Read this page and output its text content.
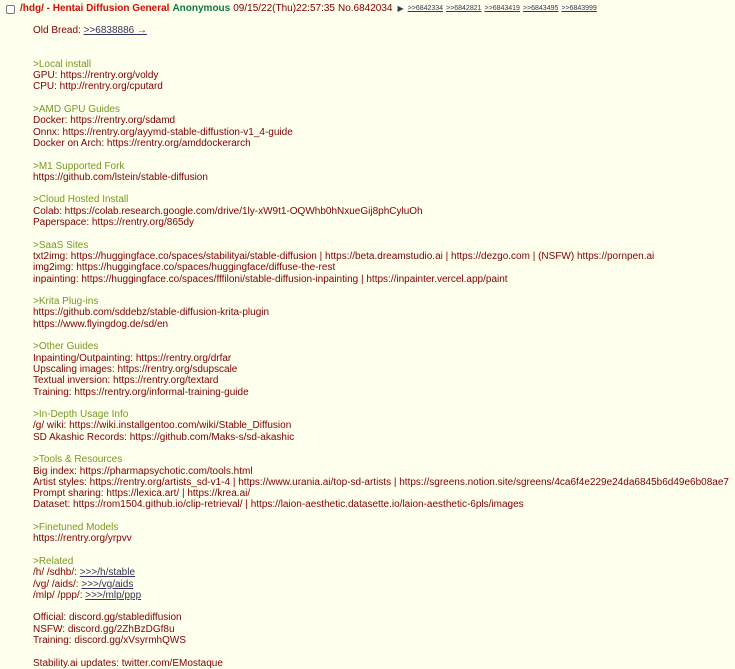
/hdg/ - Hentai Diffusion General Anonymous 09/15/22(Thu)22:57:35 No.6842034 ▶ >>6842334 >>6842821 >>6843419 >>6843495 >>6843999
Old Bread: >>6838886 →
>Local install
GPU: https://rentry.org/voldy
CPU: http://rentry.org/cputard
>AMD GPU Guides
Docker: https://rentry.org/sdamd
Onnx: https://rentry.org/ayymd-stable-diffustion-v1_4-guide
Docker on Arch: https://rentry.org/amddockerarch
>M1 Supported Fork
https://github.com/lstein/stable-diffusion
>Cloud Hosted Install
Colab: https://colab.research.google.com/drive/1ly-xW9t1-OQWhb0hNxueGij8phCyluOh
Paperspace: https://rentry.org/865dy
>SaaS Sites
txt2img: https://huggingface.co/spaces/stabilityai/stable-diffusion | https://beta.dreamstudio.ai | https://dezgo.com | (NSFW) https://pornpen.ai
img2img: https://huggingface.co/spaces/huggingface/diffuse-the-rest
inpainting: https://huggingface.co/spaces/fffiloni/stable-diffusion-inpainting | https://inpainter.vercel.app/paint
>Krita Plug-ins
https://github.com/sddebz/stable-diffusion-krita-plugin
https://www.flyingdog.de/sd/en
>Other Guides
Inpainting/Outpainting: https://rentry.org/drfar
Upscaling images: https://rentry.org/sdupscale
Textual inversion: https://rentry.org/textard
Training: https://rentry.org/informal-training-guide
>In-Depth Usage Info
/g/ wiki: https://wiki.installgentoo.com/wiki/Stable_Diffusion
SD Akashic Records: https://github.com/Maks-s/sd-akashic
>Tools & Resources
Big index: https://pharmapsychotic.com/tools.html
Artist styles: https://rentry.org/artists_sd-v1-4 | https://www.urania.ai/top-sd-artists | https://sgreens.notion.site/sgreens/4ca6f4e229e24da6845b6d49e6b08ae7
Prompt sharing: https://lexica.art/ | https://krea.ai/
Dataset: https://rom1504.github.io/clip-retrieval/ | https://laion-aesthetic.datasette.io/laion-aesthetic-6pls/images
>Finetuned Models
https://rentry.org/yrpvv
>Related
/h/ /sdhb/: >>>/h/stable
/vg/ /aids/: >>>/vg/aids
/mlp/ /ppp/: >>>/mlp/ppp
Official: discord.gg/stablediffusion
NSFW: discord.gg/2ZhBzDGf8u
Training: discord.gg/xVsyrmhQWS
Stability.ai updates: twitter.com/EMostaque
